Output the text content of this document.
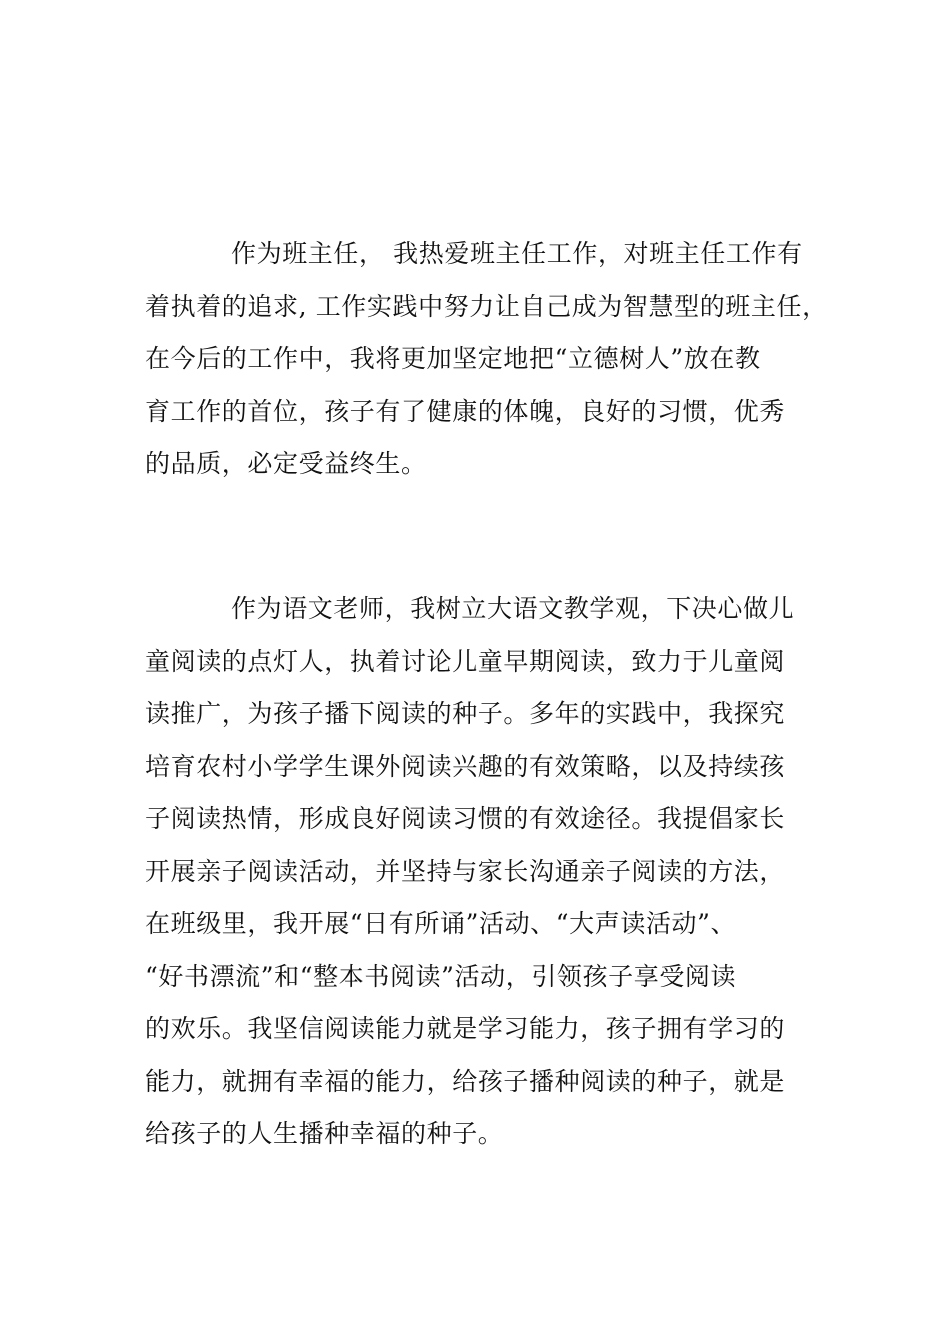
作为班主任， 我热爱班主任工作，对班主任工作有
着执着的追求, 工作实践中努力让自己成为智慧型的班主任，
在今后的工作中，我将更加坚定地把“立德树人”放在教
育工作的首位，孩子有了健康的体魄，良好的习惯，优秀
的品质，必定受益终生。
作为语文老师，我树立大语文教学观，下决心做儿
童阅读的点灯人，执着讨论儿童早期阅读，致力于儿童阅
读推广，为孩子播下阅读的种子。多年的实践中，我探究
培育农村小学学生课外阅读兴趣的有效策略，以及持续孩
子阅读热情，形成良好阅读习惯的有效途径。我提倡家长
开展亲子阅读活动，并坚持与家长沟通亲子阅读的方法，
在班级里，我开展“日有所诵”活动、“大声读活动”、
“好书漂流”和“整本书阅读”活动，引领孩子享受阅读
的欢乐。我坚信阅读能力就是学习能力，孩子拥有学习的
能力，就拥有幸福的能力，给孩子播种阅读的种子，就是
给孩子的人生播种幸福的种子。
